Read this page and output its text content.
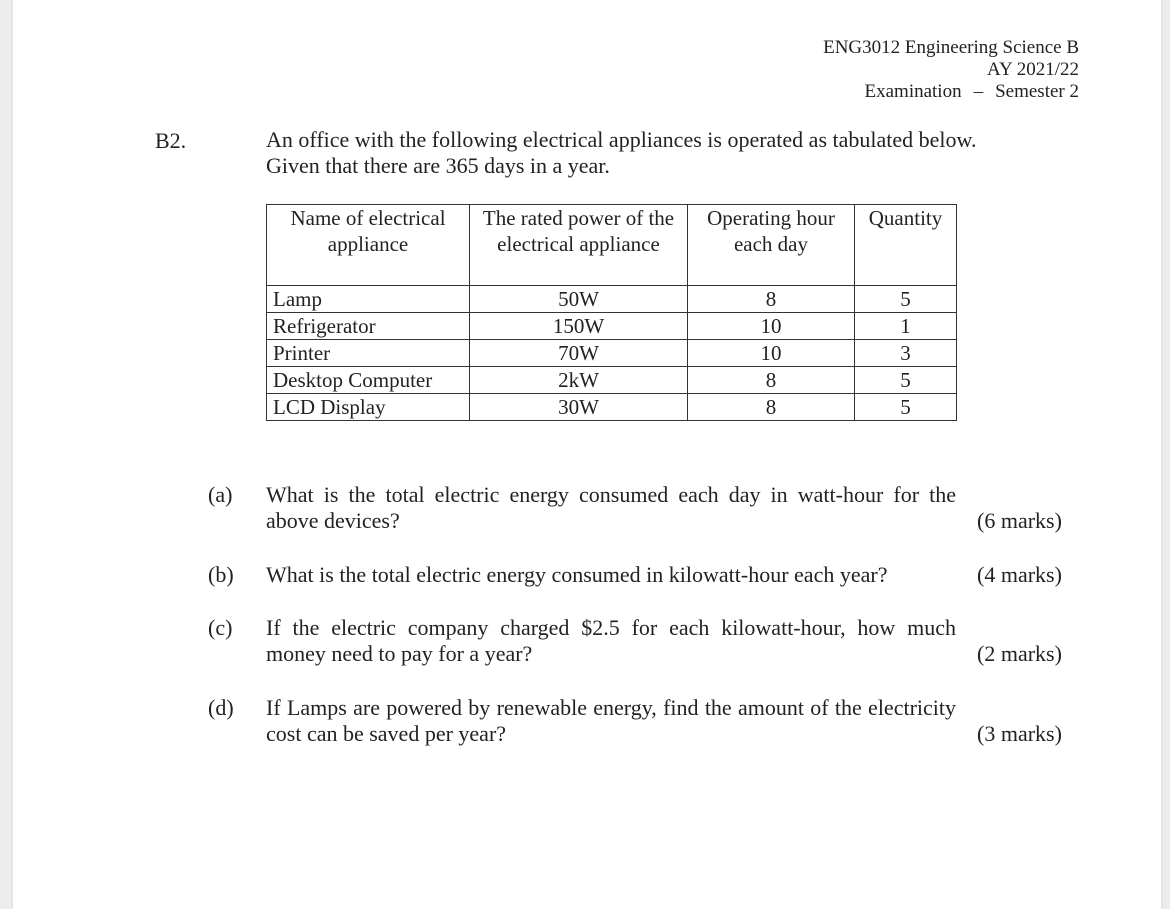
ENG3012 Engineering Science B
AY 2021/22
Examination – Semester 2
B2.	An office with the following electrical appliances is operated as tabulated below. Given that there are 365 days in a year.
Name of electrical appliance	The rated power of the electrical appliance	Operating hour each day	Quantity
Lamp	50W	8	5
Refrigerator	150W	10	1
Printer	70W	10	3
Desktop Computer	2kW	8	5
LCD Display	30W	8	5
(a) What is the total electric energy consumed each day in watt-hour for the above devices?	(6 marks)
(b) What is the total electric energy consumed in kilowatt-hour each year?	(4 marks)
(c) If the electric company charged $2.5 for each kilowatt-hour, how much money need to pay for a year?	(2 marks)
(d) If Lamps are powered by renewable energy, find the amount of the electricity cost can be saved per year?	(3 marks)
